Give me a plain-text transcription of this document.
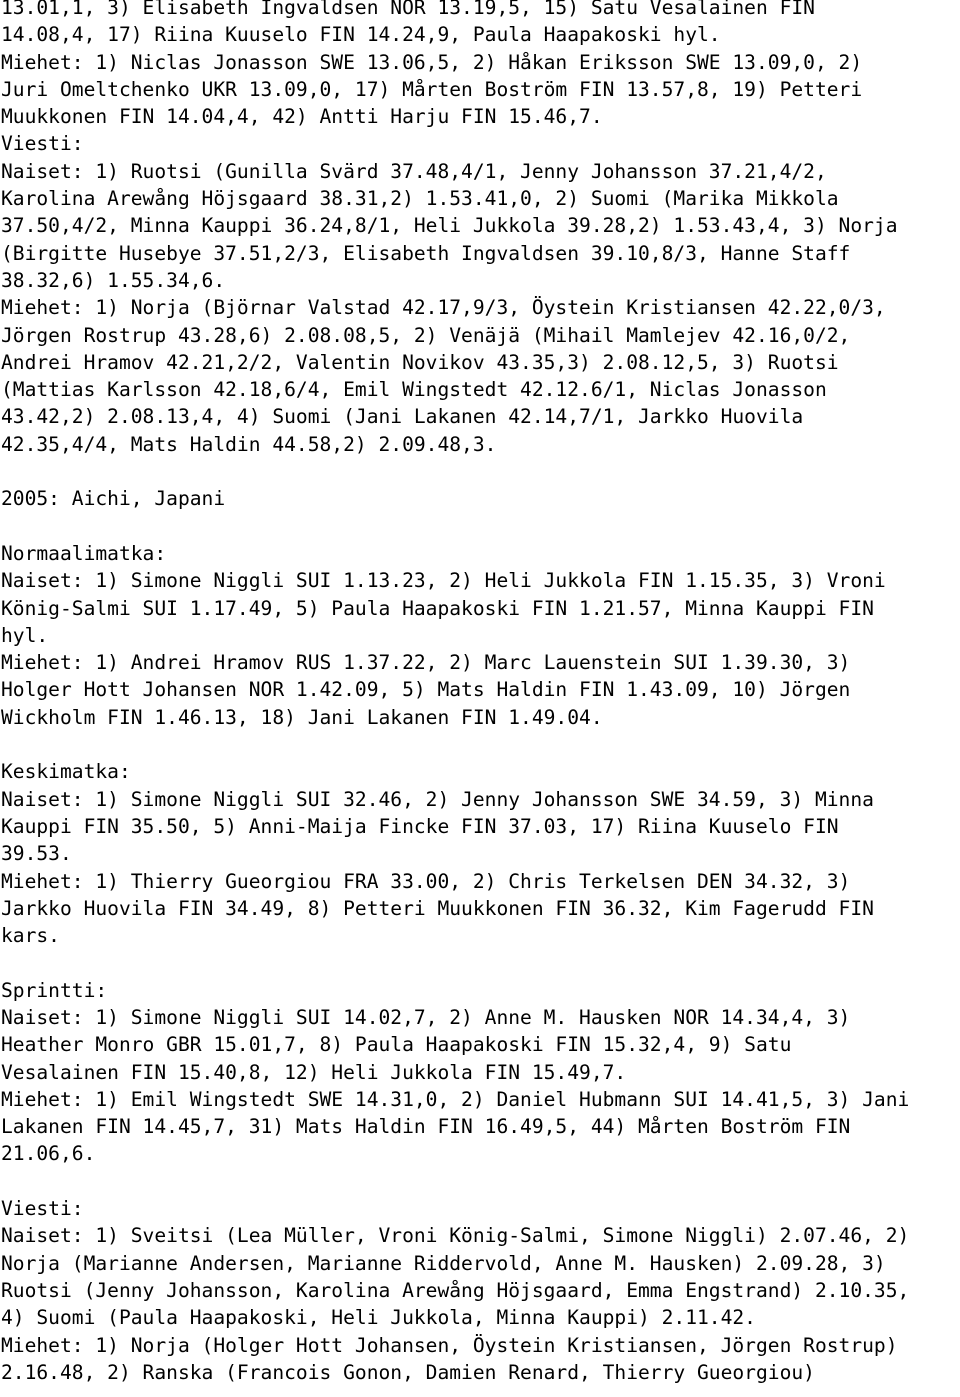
13.01,1, 3) Elisabeth Ingvaldsen NOR 13.19,5, 15) Satu Vesalainen FIN

14.08,4, 17) Riina Kuuselo FIN 14.24,9, Paula Haapakoski hyl.

Miehet: 1) Niclas Jonasson SWE 13.06,5, 2) Håkan Eriksson SWE 13.09,0, 2)

Juri Omeltchenko UKR 13.09,0, 17) Mårten Boström FIN 13.57,8, 19) Petteri

Muukkonen FIN 14.04,4, 42) Antti Harju FIN 15.46,7.

Viesti:

Naiset: 1) Ruotsi (Gunilla Svärd 37.48,4/1, Jenny Johansson 37.21,4/2,

Karolina Arewång Höjsgaard 38.31,2) 1.53.41,0, 2) Suomi (Marika Mikkola

37.50,4/2, Minna Kauppi 36.24,8/1, Heli Jukkola 39.28,2) 1.53.43,4, 3) Norja

(Birgitte Husebye 37.51,2/3, Elisabeth Ingvaldsen 39.10,8/3, Hanne Staff

38.32,6) 1.55.34,6.

Miehet: 1) Norja (Björnar Valstad 42.17,9/3, Öystein Kristiansen 42.22,0/3,

Jörgen Rostrup 43.28,6) 2.08.08,5, 2) Venäjä (Mihail Mamlejev 42.16,0/2,

Andrei Hramov 42.21,2/2, Valentin Novikov 43.35,3) 2.08.12,5, 3) Ruotsi

(Mattias Karlsson 42.18,6/4, Emil Wingstedt 42.12.6/1, Niclas Jonasson

43.42,2) 2.08.13,4, 4) Suomi (Jani Lakanen 42.14,7/1, Jarkko Huovila

42.35,4/4, Mats Haldin 44.58,2) 2.09.48,3.

2005: Aichi, Japani

Normaalimatka:

Naiset: 1) Simone Niggli SUI 1.13.23, 2) Heli Jukkola FIN 1.15.35, 3) Vroni

König-Salmi SUI 1.17.49, 5) Paula Haapakoski FIN 1.21.57, Minna Kauppi FIN

hyl.

Miehet: 1) Andrei Hramov RUS 1.37.22, 2) Marc Lauenstein SUI 1.39.30, 3)

Holger Hott Johansen NOR 1.42.09, 5) Mats Haldin FIN 1.43.09, 10) Jörgen

Wickholm FIN 1.46.13, 18) Jani Lakanen FIN 1.49.04.

Keskimatka:

Naiset: 1) Simone Niggli SUI 32.46, 2) Jenny Johansson SWE 34.59, 3) Minna

Kauppi FIN 35.50, 5) Anni-Maija Fincke FIN 37.03, 17) Riina Kuuselo FIN

39.53.

Miehet: 1) Thierry Gueorgiou FRA 33.00, 2) Chris Terkelsen DEN 34.32, 3)

Jarkko Huovila FIN 34.49, 8) Petteri Muukkonen FIN 36.32, Kim Fagerudd FIN

kars.

Sprintti:

Naiset: 1) Simone Niggli SUI 14.02,7, 2) Anne M. Hausken NOR 14.34,4, 3)

Heather Monro GBR 15.01,7, 8) Paula Haapakoski FIN 15.32,4, 9) Satu

Vesalainen FIN 15.40,8, 12) Heli Jukkola FIN 15.49,7.

Miehet: 1) Emil Wingstedt SWE 14.31,0, 2) Daniel Hubmann SUI 14.41,5, 3) Jani

Lakanen FIN 14.45,7, 31) Mats Haldin FIN 16.49,5, 44) Mårten Boström FIN

21.06,6.

Viesti:

Naiset: 1) Sveitsi (Lea Müller, Vroni König-Salmi, Simone Niggli) 2.07.46, 2)

Norja (Marianne Andersen, Marianne Riddervold, Anne M. Hausken) 2.09.28, 3)

Ruotsi (Jenny Johansson, Karolina Arewång Höjsgaard, Emma Engstrand) 2.10.35,

4) Suomi (Paula Haapakoski, Heli Jukkola, Minna Kauppi) 2.11.42.

Miehet: 1) Norja (Holger Hott Johansen, Öystein Kristiansen, Jörgen Rostrup)

2.16.48, 2) Ranska (Francois Gonon, Damien Renard, Thierry Gueorgiou)
